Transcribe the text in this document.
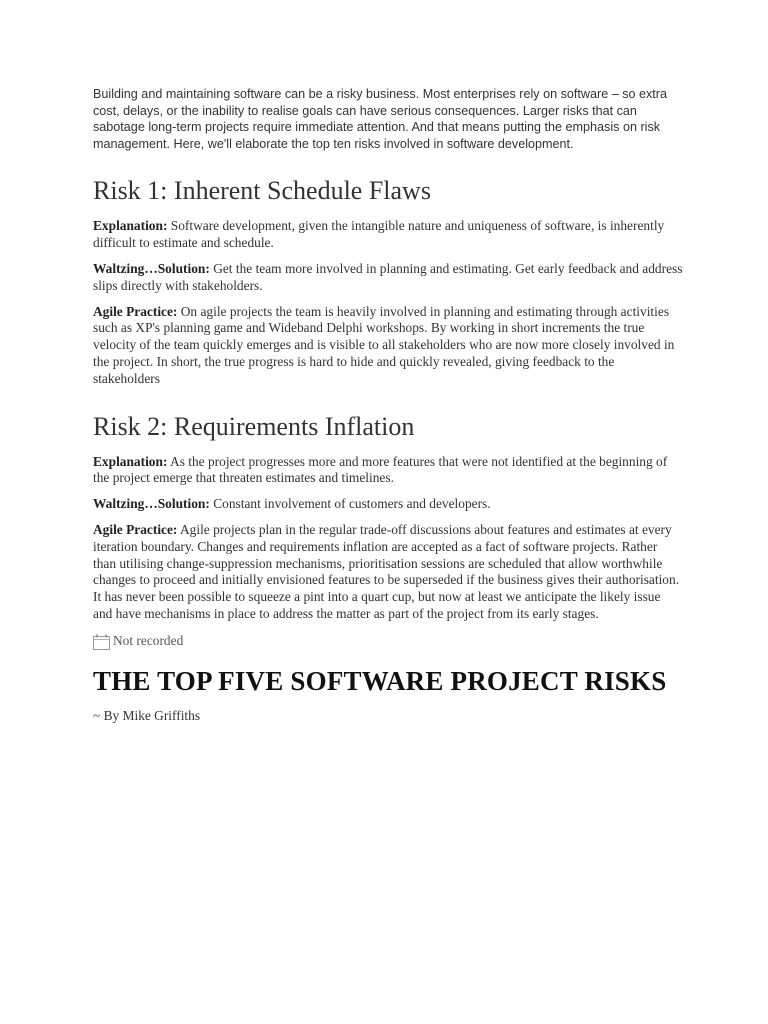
Building and maintaining software can be a risky business. Most enterprises rely on software – so extra cost, delays, or the inability to realise goals can have serious consequences. Larger risks that can sabotage long-term projects require immediate attention. And that means putting the emphasis on risk management. Here, we'll elaborate the top ten risks involved in software development.

Risk 1: Inherent Schedule Flaws

Explanation: Software development, given the intangible nature and uniqueness of software, is inherently difficult to estimate and schedule.

Waltzing…Solution: Get the team more involved in planning and estimating. Get early feedback and address slips directly with stakeholders.

Agile Practice: On agile projects the team is heavily involved in planning and estimating through activities such as XP's planning game and Wideband Delphi workshops. By working in short increments the true velocity of the team quickly emerges and is visible to all stakeholders who are now more closely involved in the project. In short, the true progress is hard to hide and quickly revealed, giving feedback to the stakeholders

Risk 2: Requirements Inflation

Explanation: As the project progresses more and more features that were not identified at the beginning of the project emerge that threaten estimates and timelines.

Waltzing…Solution: Constant involvement of customers and developers.

Agile Practice: Agile projects plan in the regular trade-off discussions about features and estimates at every iteration boundary. Changes and requirements inflation are accepted as a fact of software projects. Rather than utilising change-suppression mechanisms, prioritisation sessions are scheduled that allow worthwhile changes to proceed and initially envisioned features to be superseded if the business gives their authorisation. It has never been possible to squeeze a pint into a quart cup, but now at least we anticipate the likely issue and have mechanisms in place to address the matter as part of the project from its early stages.

Not recorded
THE TOP FIVE SOFTWARE PROJECT RISKS
~ By Mike Griffiths
